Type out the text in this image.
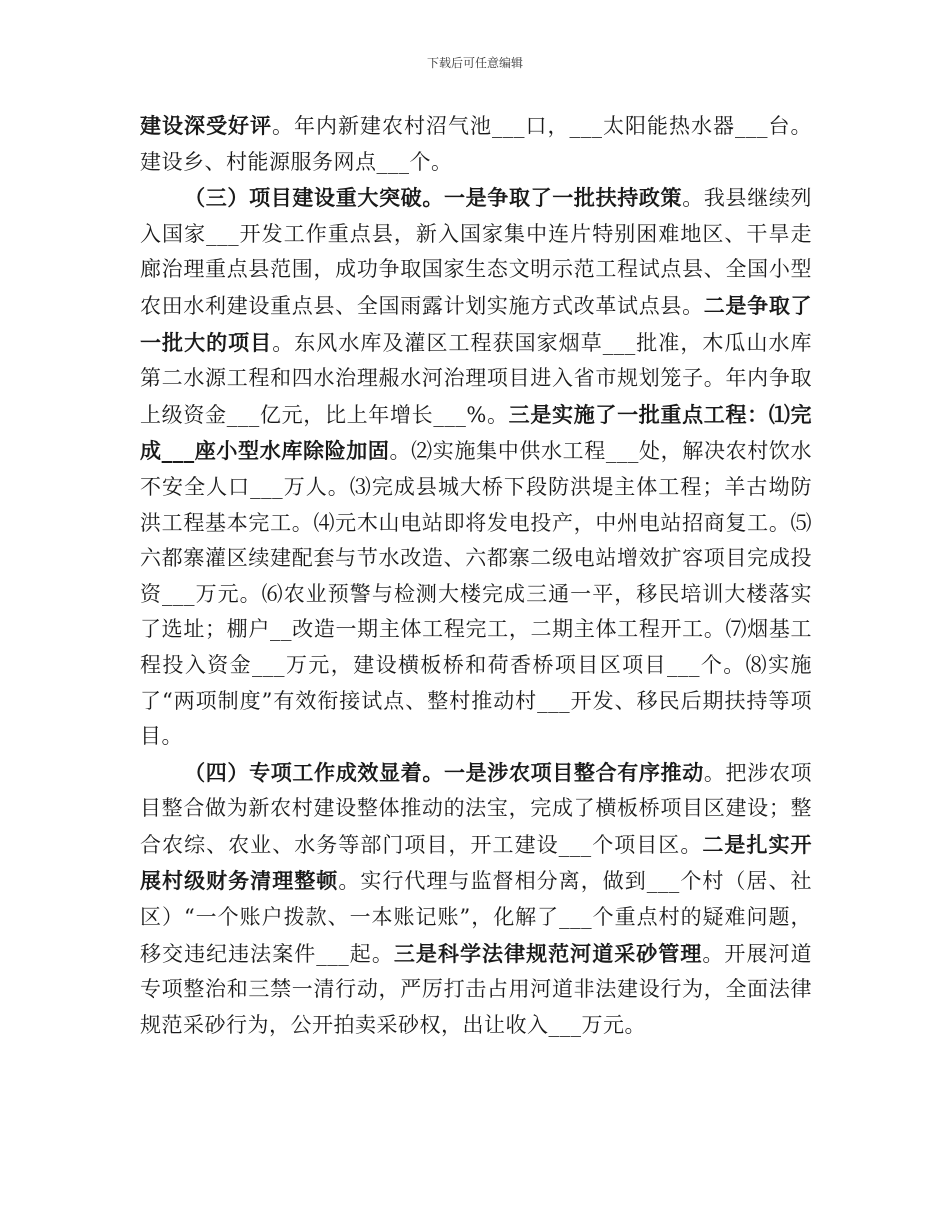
下载后可任意编辑

建设深受好评。年内新建农村沼气池___口，___太阳能热水器___台。建设乡、村能源服务网点___个。

（三）项目建设重大突破。一是争取了一批扶持政策。我县继续列入国家___开发工作重点县，新入国家集中连片特别困难地区、干旱走廊治理重点县范围，成功争取国家生态文明示范工程试点县、全国小型农田水利建设重点县、全国雨露计划实施方式改革试点县。二是争取了一批大的项目。东风水库及灌区工程获国家烟草___批准，木瓜山水库第二水源工程和四水治理赧水河治理项目进入省市规划笼子。年内争取上级资金___亿元，比上年增长___%。三是实施了一批重点工程：⑴完成___座小型水库除险加固。⑵实施集中供水工程___处，解决农村饮水不安全人口___万人。⑶完成县城大桥下段防洪堤主体工程；羊古坳防洪工程基本完工。⑷元木山电站即将发电投产，中州电站招商复工。⑸六都寨灌区续建配套与节水改造、六都寨二级电站增效扩容项目完成投资___万元。⑹农业预警与检测大楼完成三通一平，移民培训大楼落实了选址；棚户__改造一期主体工程完工，二期主体工程开工。⑺烟基工程投入资金___万元，建设横板桥和荷香桥项目区项目___个。⑻实施了“两项制度”有效衔接试点、整村推动村___开发、移民后期扶持等项目。

（四）专项工作成效显着。一是涉农项目整合有序推动。把涉农项目整合做为新农村建设整体推动的法宝，完成了横板桥项目区建设；整合农综、农业、水务等部门项目，开工建设___个项目区。二是扎实开展村级财务清理整顿。实行代理与监督相分离，做到___个村（居、社区）“一个账户拨款、一本账记账”，化解了___个重点村的疑难问题，移交违纪违法案件___起。三是科学法律规范河道采砂管理。开展河道专项整治和三禁一清行动，严厉打击占用河道非法建设行为，全面法律规范采砂行为，公开拍卖采砂权，出让收入___万元。
